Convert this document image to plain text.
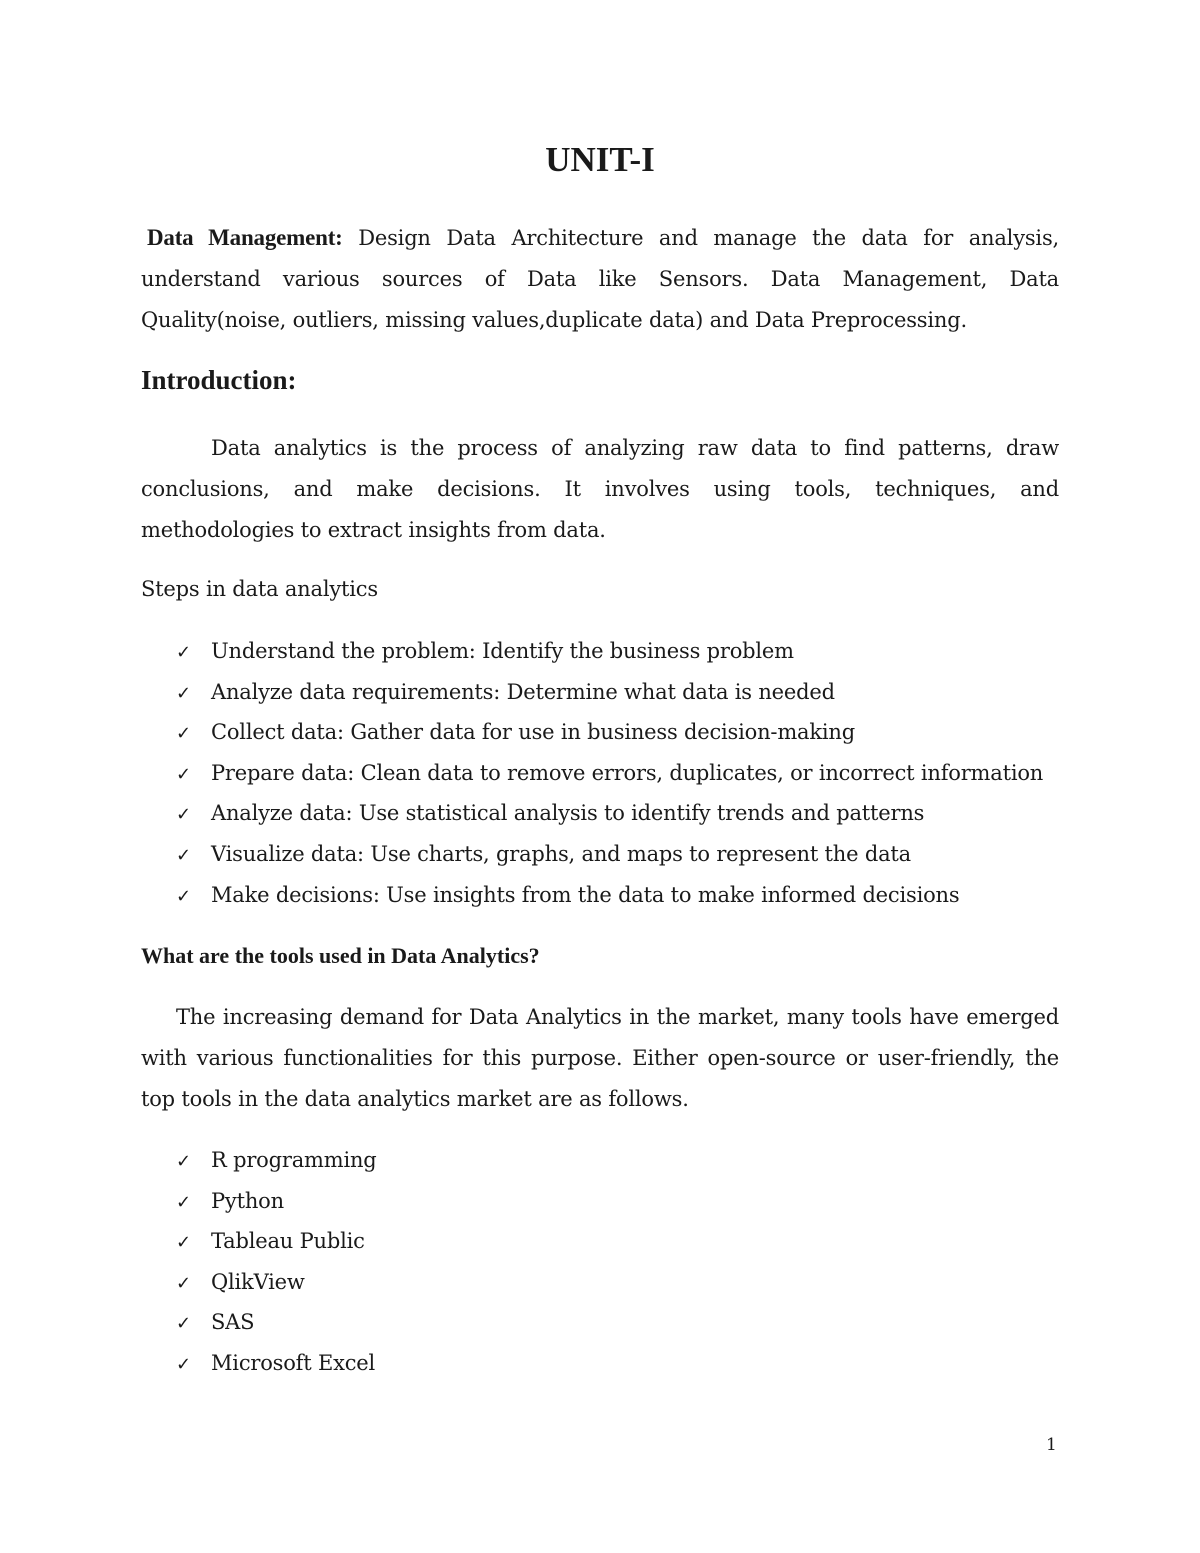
UNIT-I

Data Management: Design Data Architecture and manage the data for analysis, understand various sources of Data like Sensors. Data Management, Data Quality(noise, outliers, missing values,duplicate data) and Data Preprocessing.

Introduction:

Data analytics is the process of analyzing raw data to find patterns, draw conclusions, and make decisions. It involves using tools, techniques, and methodologies to extract insights from data.

Steps in data analytics

✓ Understand the problem: Identify the business problem
✓ Analyze data requirements: Determine what data is needed
✓ Collect data: Gather data for use in business decision-making
✓ Prepare data: Clean data to remove errors, duplicates, or incorrect information
✓ Analyze data: Use statistical analysis to identify trends and patterns
✓ Visualize data: Use charts, graphs, and maps to represent the data
✓ Make decisions: Use insights from the data to make informed decisions
What are the tools used in Data Analytics?

The increasing demand for Data Analytics in the market, many tools have emerged with various functionalities for this purpose. Either open-source or user-friendly, the top tools in the data analytics market are as follows.

✓ R programming
✓ Python
✓ Tableau Public
✓ QlikView
✓ SAS
✓ Microsoft Excel

1
